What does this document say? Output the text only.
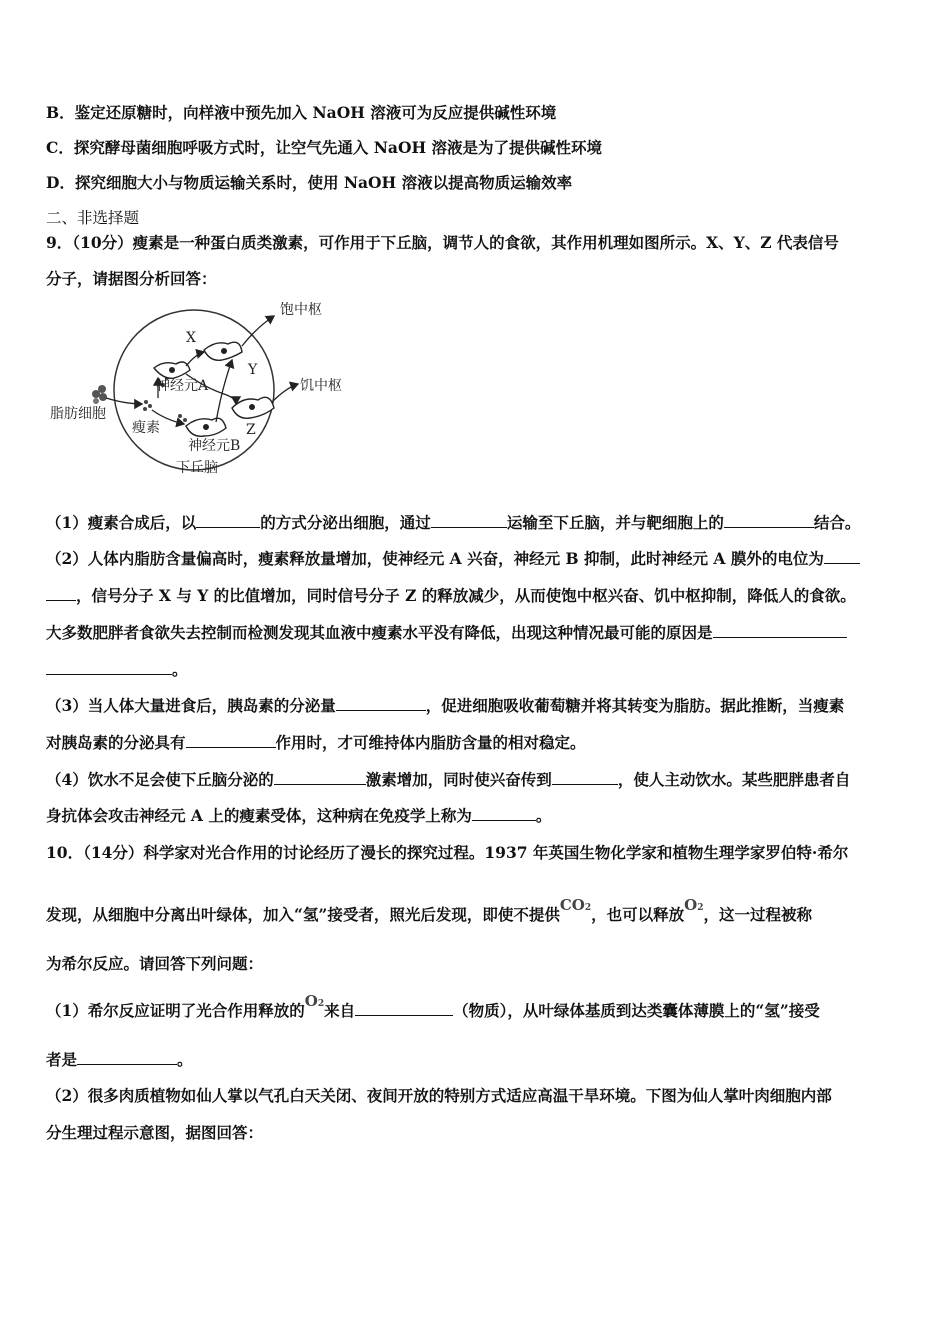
B．鉴定还原糖时，向样液中预先加入 NaOH 溶液可为反应提供碱性环境
C．探究酵母菌细胞呼吸方式时，让空气先通入 NaOH 溶液是为了提供碱性环境
D．探究细胞大小与物质运输关系时，使用 NaOH 溶液以提高物质运输效率
二、非选择题
9．（10分）瘦素是一种蛋白质类激素，可作用于下丘脑，调节人的食欲，其作用机理如图所示。X、Y、Z 代表信号
分子，请据图分析回答：
饱中枢
饥中枢
脂肪细胞
瘦素
神经元A
神经元B
下丘脑
X
Y
Z
（1）瘦素合成后，以	的方式分泌出细胞，通过	运输至下丘脑，并与靶细胞上的	结合。
（2）人体内脂肪含量偏高时，瘦素释放量增加，使神经元 A 兴奋，神经元 B 抑制，此时神经元 A 膜外的电位为
，信号分子 X 与 Y 的比值增加，同时信号分子 Z 的释放减少，从而使饱中枢兴奋、饥中枢抑制，降低人的食欲。
大多数肥胖者食欲失去控制而检测发现其血液中瘦素水平没有降低，出现这种情况最可能的原因是
。
（3）当人体大量进食后，胰岛素的分泌量	，促进细胞吸收葡萄糖并将其转变为脂肪。据此推断，当瘦素
对胰岛素的分泌具有	作用时，才可维持体内脂肪含量的相对稳定。
（4）饮水不足会使下丘脑分泌的	激素增加，同时使兴奋传到	，使人主动饮水。某些肥胖患者自
身抗体会攻击神经元 A 上的瘦素受体，这种病在免疫学上称为	。
10．（14分）科学家对光合作用的讨论经历了漫长的探究过程。1937 年英国生物化学家和植物生理学家罗伯特·希尔
发现，从细胞中分离出叶绿体，加入“氢”接受者，照光后发现，即使不提供CO2，也可以释放O2，这一过程被称
为希尔反应。请回答下列问题：
（1）希尔反应证明了光合作用释放的O2来自	（物质），从叶绿体基质到达类囊体薄膜上的“氢”接受
者是	。
（2）很多肉质植物如仙人掌以气孔白天关闭、夜间开放的特别方式适应高温干旱环境。下图为仙人掌叶肉细胞内部
分生理过程示意图，据图回答：
